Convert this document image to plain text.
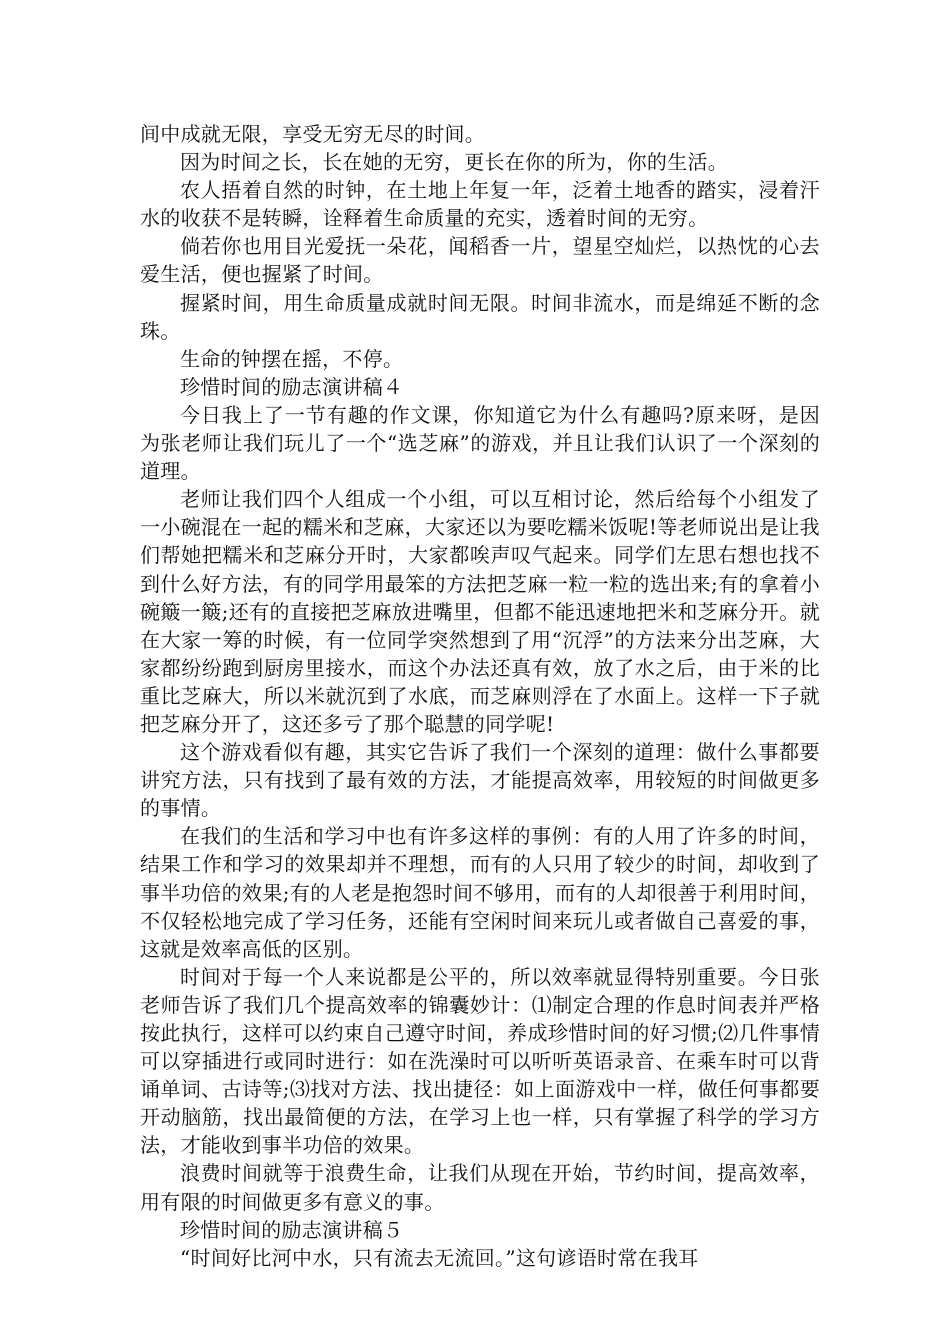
间中成就无限，享受无穷无尽的时间。

因为时间之长，长在她的无穷，更长在你的所为，你的生活。

农人捂着自然的时钟，在土地上年复一年，泛着土地香的踏实，浸着汗水的收获不是转瞬，诠释着生命质量的充实，透着时间的无穷。

倘若你也用目光爱抚一朵花，闻稻香一片，望星空灿烂，以热忱的心去爱生活，便也握紧了时间。

握紧时间，用生命质量成就时间无限。时间非流水，而是绵延不断的念珠。

生命的钟摆在摇，不停。

珍惜时间的励志演讲稿４

今日我上了一节有趣的作文课，你知道它为什么有趣吗?原来呀，是因为张老师让我们玩儿了一个“选芝麻”的游戏，并且让我们认识了一个深刻的道理。

老师让我们四个人组成一个小组，可以互相讨论，然后给每个小组发了一小碗混在一起的糯米和芝麻，大家还以为要吃糯米饭呢!等老师说出是让我们帮她把糯米和芝麻分开时，大家都唉声叹气起来。同学们左思右想也找不到什么好方法，有的同学用最笨的方法把芝麻一粒一粒的选出来;有的拿着小碗簸一簸;还有的直接把芝麻放进嘴里，但都不能迅速地把米和芝麻分开。就在大家一筹的时候，有一位同学突然想到了用“沉浮”的方法来分出芝麻，大家都纷纷跑到厨房里接水，而这个办法还真有效，放了水之后，由于米的比重比芝麻大，所以米就沉到了水底，而芝麻则浮在了水面上。这样一下子就把芝麻分开了，这还多亏了那个聪慧的同学呢!

这个游戏看似有趣，其实它告诉了我们一个深刻的道理：做什么事都要讲究方法，只有找到了最有效的方法，才能提高效率，用较短的时间做更多的事情。

在我们的生活和学习中也有许多这样的事例：有的人用了许多的时间，结果工作和学习的效果却并不理想，而有的人只用了较少的时间，却收到了事半功倍的效果;有的人老是抱怨时间不够用，而有的人却很善于利用时间，不仅轻松地完成了学习任务，还能有空闲时间来玩儿或者做自己喜爱的事，这就是效率高低的区别。

时间对于每一个人来说都是公平的，所以效率就显得特别重要。今日张老师告诉了我们几个提高效率的锦囊妙计：⑴制定合理的作息时间表并严格按此执行，这样可以约束自己遵守时间，养成珍惜时间的好习惯;⑵几件事情可以穿插进行或同时进行：如在洗澡时可以听听英语录音、在乘车时可以背诵单词、古诗等;⑶找对方法、找出捷径：如上面游戏中一样，做任何事都要开动脑筋，找出最简便的方法，在学习上也一样，只有掌握了科学的学习方法，才能收到事半功倍的效果。

浪费时间就等于浪费生命，让我们从现在开始，节约时间，提高效率，用有限的时间做更多有意义的事。

珍惜时间的励志演讲稿５

“时间好比河中水，只有流去无流回。”这句谚语时常在我耳
